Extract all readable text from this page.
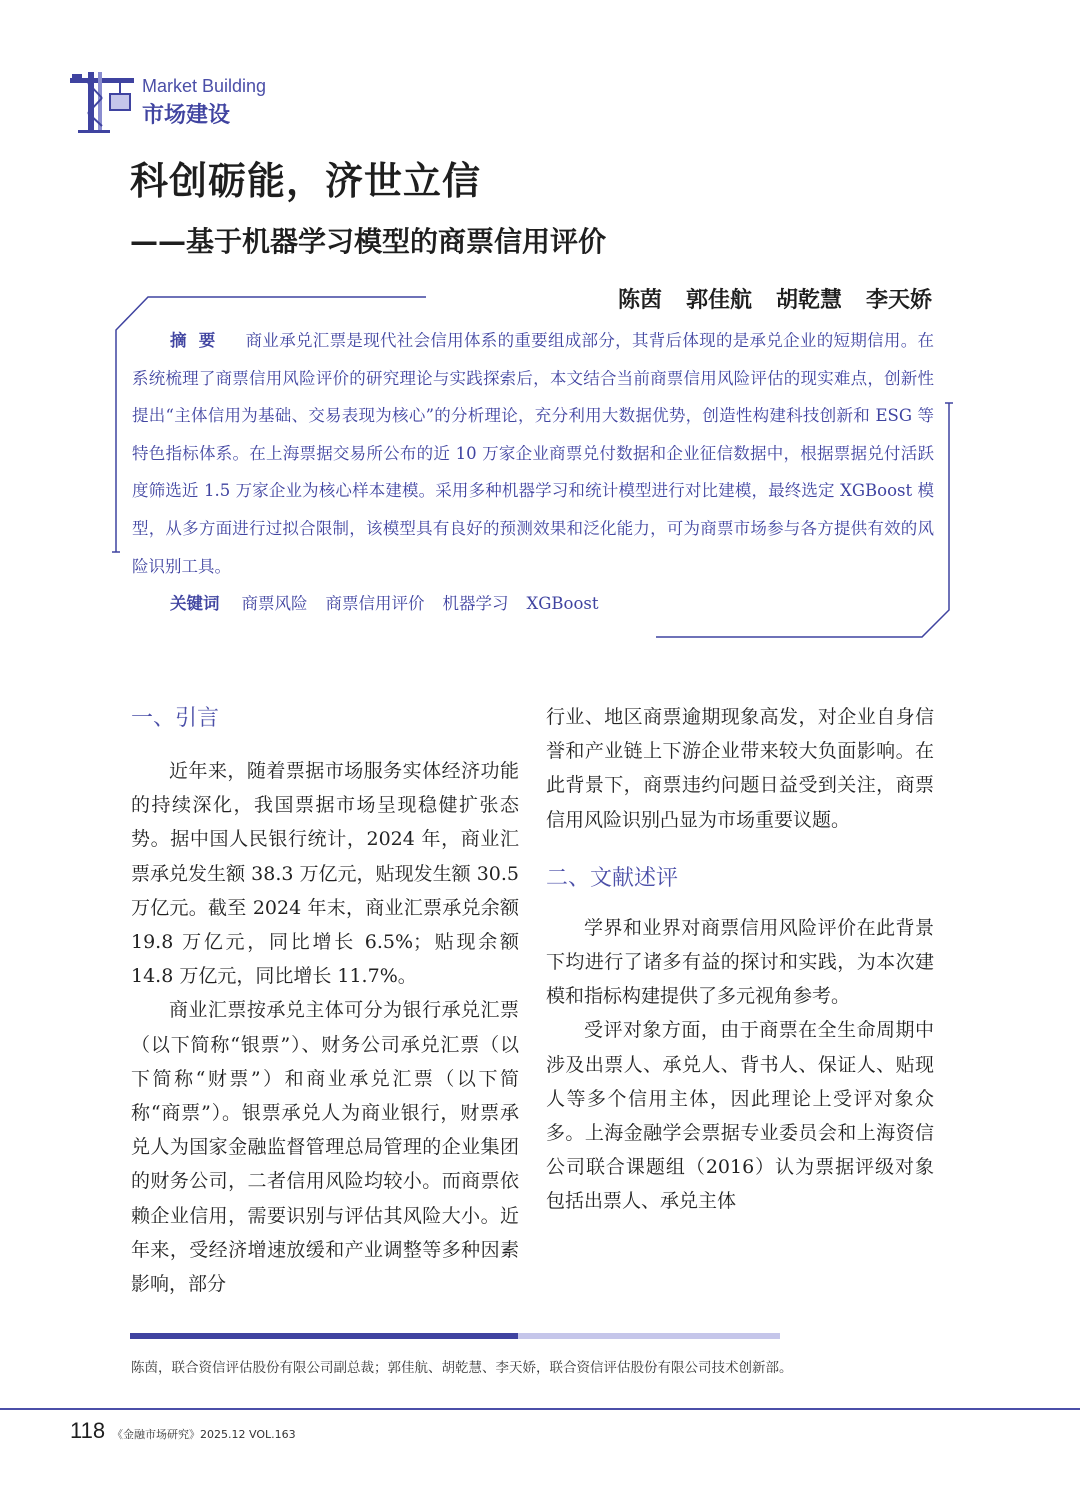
Market Building
市场建设
科创砺能，济世立信
——基于机器学习模型的商票信用评价
陈茵 郭佳航 胡乾慧 李天娇
摘要 商业承兑汇票是现代社会信用体系的重要组成部分，其背后体现的是承兑企业的短期信用。在系统梳理了商票信用风险评价的研究理论与实践探索后，本文结合当前商票信用风险评估的现实难点，创新性提出“主体信用为基础、交易表现为核心”的分析理论，充分利用大数据优势，创造性构建科技创新和 ESG 等特色指标体系。在上海票据交易所公布的近 10 万家企业商票兑付数据和企业征信数据中，根据票据兑付活跃度筛选近 1.5 万家企业为核心样本建模。采用多种机器学习和统计模型进行对比建模，最终选定 XGBoost 模型，从多方面进行过拟合限制，该模型具有良好的预测效果和泛化能力，可为商票市场参与各方提供有效的风险识别工具。
关键词 商票风险 商票信用评价 机器学习 XGBoost
一、引言

近年来，随着票据市场服务实体经济功能的持续深化，我国票据市场呈现稳健扩张态势。据中国人民银行统计，2024 年，商业汇票承兑发生额 38.3 万亿元，贴现发生额 30.5 万亿元。截至 2024 年末，商业汇票承兑余额 19.8 万亿元，同比增长 6.5%；贴现余额 14.8 万亿元，同比增长 11.7%。

商业汇票按承兑主体可分为银行承兑汇票（以下简称“银票”）、财务公司承兑汇票（以下简称“财票”）和商业承兑汇票（以下简称“商票”）。银票承兑人为商业银行，财票承兑人为国家金融监督管理总局管理的企业集团的财务公司，二者信用风险均较小。而商票依赖企业信用，需要识别与评估其风险大小。近年来，受经济增速放缓和产业调整等多种因素影响，部分

行业、地区商票逾期现象高发，对企业自身信誉和产业链上下游企业带来较大负面影响。在此背景下，商票违约问题日益受到关注，商票信用风险识别凸显为市场重要议题。

二、文献述评

学界和业界对商票信用风险评价在此背景下均进行了诸多有益的探讨和实践，为本次建模和指标构建提供了多元视角参考。

受评对象方面，由于商票在全生命周期中涉及出票人、承兑人、背书人、保证人、贴现人等多个信用主体，因此理论上受评对象众多。上海金融学会票据专业委员会和上海资信公司联合课题组（2016）认为票据评级对象包括出票人、承兑主体

陈茵，联合资信评估股份有限公司副总裁；郭佳航、胡乾慧、李天娇，联合资信评估股份有限公司技术创新部。
118 《金融市场研究》2025.12 VOL.163
